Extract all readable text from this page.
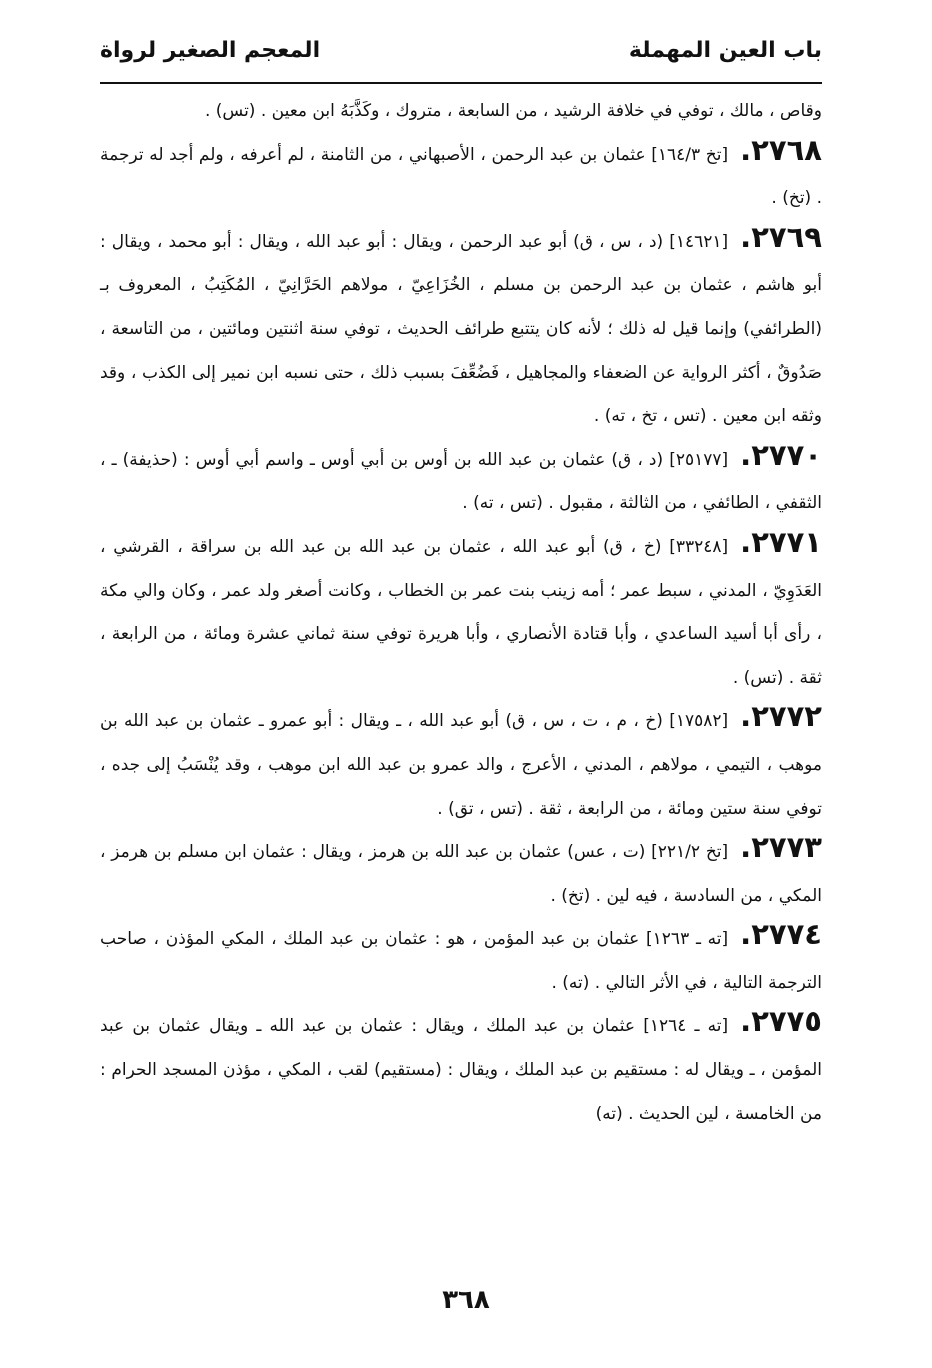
باب العين المهملة
المعجم الصغير لرواة

وقاص ، مالك ، توفي في خلافة الرشيد ، من السابعة ، متروك ، وكَذَّبَهُ ابن معين . (تس) .

٢٧٦٨.[تخ ١٦٤/٣] عثمان بن عبد الرحمن ، الأصبهاني ، من الثامنة ، لم أعرفه ، ولم أجد له ترجمة . (تخ) .

٢٧٦٩.[١٤٦٢١] (د ، س ، ق) أبو عبد الرحمن ، ويقال : أبو عبد الله ، ويقال : أبو محمد ، ويقال : أبو هاشم ، عثمان بن عبد الرحمن بن مسلم ، الخُزَاعِيّ ، مولاهم الحَرَّانِيّ ، المُكَتِبُ ، المعروف بـ (الطرائفي) وإنما قيل له ذلك ؛ لأنه كان يتتبع طرائف الحديث ، توفي سنة اثنتين ومائتين ، من التاسعة ، صَدُوقٌ ، أكثر الرواية عن الضعفاء والمجاهيل ، فَضُعِّفَ بسبب ذلك ، حتى نسبه ابن نمير إلى الكذب ، وقد وثقه ابن معين . (تس ، تخ ، ته) .

٢٧٧٠.[٢٥١٧٧] (د ، ق) عثمان بن عبد الله بن أوس بن أبي أوس ـ واسم أبي أوس : (حذيفة) ـ ، الثقفي ، الطائفي ، من الثالثة ، مقبول . (تس ، ته) .

٢٧٧١.[٣٣٢٤٨] (خ ، ق) أبو عبد الله ، عثمان بن عبد الله بن عبد الله بن سراقة ، القرشي ، العَدَوِيّ ، المدني ، سبط عمر ؛ أمه زينب بنت عمر بن الخطاب ، وكانت أصغر ولد عمر ، وكان والي مكة ، رأى أبا أسيد الساعدي ، وأبا قتادة الأنصاري ، وأبا هريرة توفي سنة ثماني عشرة ومائة ، من الرابعة ، ثقة . (تس) .

٢٧٧٢.[١٧٥٨٢] (خ ، م ، ت ، س ، ق) أبو عبد الله ، ـ ويقال : أبو عمرو ـ عثمان بن عبد الله بن موهب ، التيمي ، مولاهم ، المدني ، الأعرج ، والد عمرو بن عبد الله ابن موهب ، وقد يُنْسَبُ إلى جده ، توفي سنة ستين ومائة ، من الرابعة ، ثقة . (تس ، تق) .

٢٧٧٣.[تخ ٢٢١/٢] (ت ، عس) عثمان بن عبد الله بن هرمز ، ويقال : عثمان ابن مسلم بن هرمز ، المكي ، من السادسة ، فيه لين . (تخ) .

٢٧٧٤.[ته ـ ١٢٦٣] عثمان بن عبد المؤمن ، هو : عثمان بن عبد الملك ، المكي المؤذن ، صاحب الترجمة التالية ، في الأثر التالي . (ته) .

٢٧٧٥.[ته ـ ١٢٦٤] عثمان بن عبد الملك ، ويقال : عثمان بن عبد الله ـ ويقال عثمان بن عبد المؤمن ، ـ ويقال له : مستقيم بن عبد الملك ، ويقال : (مستقيم) لقب ، المكي ، مؤذن المسجد الحرام : من الخامسة ، لين الحديث . (ته)

٣٦٨
